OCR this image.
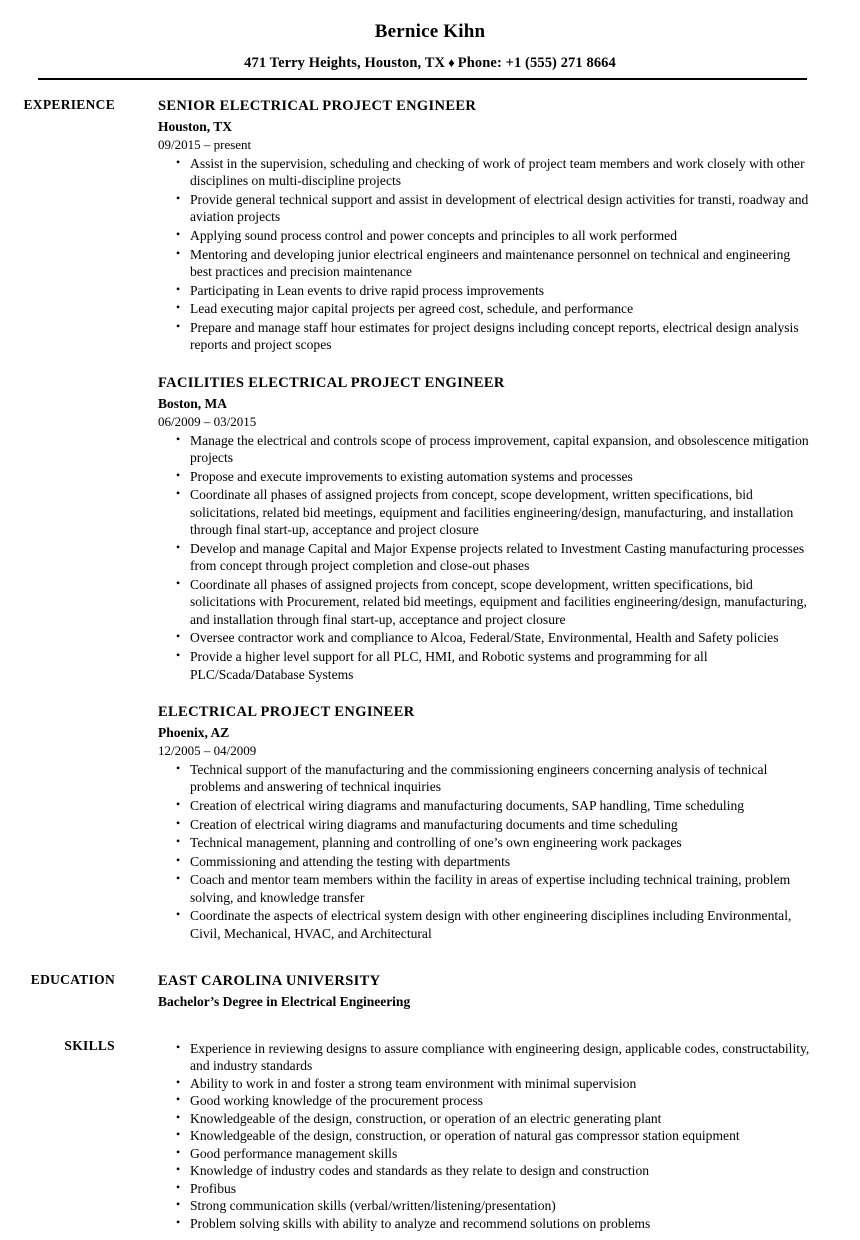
Bernice Kihn
471 Terry Heights, Houston, TX ♦ Phone: +1 (555) 271 8664
EXPERIENCE	SENIOR ELECTRICAL PROJECT ENGINEER
Houston, TX
09/2015 – present
• Assist in the supervision, scheduling and checking of work of project team members and work closely with other disciplines on multi-discipline projects
• Provide general technical support and assist in development of electrical design activities for transti, roadway and aviation projects
• Applying sound process control and power concepts and principles to all work performed
• Mentoring and developing junior electrical engineers and maintenance personnel on technical and engineering best practices and precision maintenance
• Participating in Lean events to drive rapid process improvements
• Lead executing major capital projects per agreed cost, schedule, and performance
• Prepare and manage staff hour estimates for project designs including concept reports, electrical design analysis reports and project scopes
FACILITIES ELECTRICAL PROJECT ENGINEER
Boston, MA
06/2009 – 03/2015
• Manage the electrical and controls scope of process improvement, capital expansion, and obsolescence mitigation projects
• Propose and execute improvements to existing automation systems and processes
• Coordinate all phases of assigned projects from concept, scope development, written specifications, bid solicitations, related bid meetings, equipment and facilities engineering/design, manufacturing, and installation through final start-up, acceptance and project closure
• Develop and manage Capital and Major Expense projects related to Investment Casting manufacturing processes from concept through project completion and close-out phases
• Coordinate all phases of assigned projects from concept, scope development, written specifications, bid solicitations with Procurement, related bid meetings, equipment and facilities engineering/design, manufacturing, and installation through final start-up, acceptance and project closure
• Oversee contractor work and compliance to Alcoa, Federal/State, Environmental, Health and Safety policies
• Provide a higher level support for all PLC, HMI, and Robotic systems and programming for all PLC/Scada/Database Systems
ELECTRICAL PROJECT ENGINEER
Phoenix, AZ
12/2005 – 04/2009
• Technical support of the manufacturing and the commissioning engineers concerning analysis of technical problems and answering of technical inquiries
• Creation of electrical wiring diagrams and manufacturing documents, SAP handling, Time scheduling
• Creation of electrical wiring diagrams and manufacturing documents and time scheduling
• Technical management, planning and controlling of one’s own engineering work packages
• Commissioning and attending the testing with departments
• Coach and mentor team members within the facility in areas of expertise including technical training, problem solving, and knowledge transfer
• Coordinate the aspects of electrical system design with other engineering disciplines including Environmental, Civil, Mechanical, HVAC, and Architectural
EDUCATION	EAST CAROLINA UNIVERSITY
Bachelor’s Degree in Electrical Engineering
SKILLS	• Experience in reviewing designs to assure compliance with engineering design, applicable codes, constructability, and industry standards
• Ability to work in and foster a strong team environment with minimal supervision
• Good working knowledge of the procurement process
• Knowledgeable of the design, construction, or operation of an electric generating plant
• Knowledgeable of the design, construction, or operation of natural gas compressor station equipment
• Good performance management skills
• Knowledge of industry codes and standards as they relate to design and construction
• Profibus
• Strong communication skills (verbal/written/listening/presentation)
• Problem solving skills with ability to analyze and recommend solutions on problems
